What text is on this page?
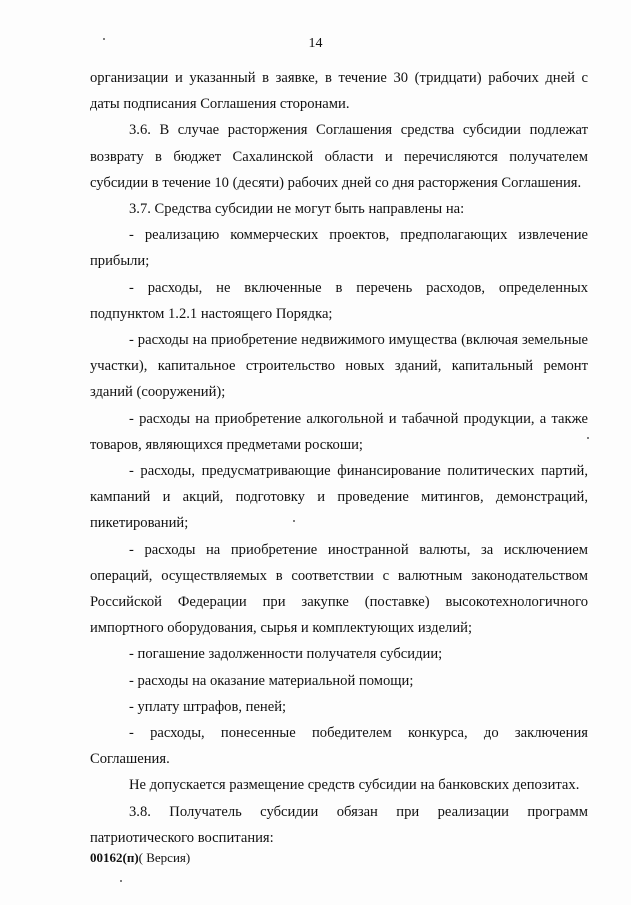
14

организации и указанный в заявке, в течение 30 (тридцати) рабочих дней с даты подписания Соглашения сторонами.

3.6. В случае расторжения Соглашения средства субсидии подлежат возврату в бюджет Сахалинской области и перечисляются получателем субсидии в течение 10 (десяти) рабочих дней со дня расторжения Соглашения.

3.7. Средства субсидии не могут быть направлены на:

- реализацию коммерческих проектов, предполагающих извлечение прибыли;

- расходы, не включенные в перечень расходов, определенных подпунктом 1.2.1 настоящего Порядка;

- расходы на приобретение недвижимого имущества (включая земельные участки), капитальное строительство новых зданий, капитальный ремонт зданий (сооружений);

- расходы на приобретение алкогольной и табачной продукции, а также товаров, являющихся предметами роскоши;

- расходы, предусматривающие финансирование политических партий, кампаний и акций, подготовку и проведение митингов, демонстраций, пикетирований;

- расходы на приобретение иностранной валюты, за исключением операций, осуществляемых в соответствии с валютным законодательством Российской Федерации при закупке (поставке) высокотехнологичного импортного оборудования, сырья и комплектующих изделий;

- погашение задолженности получателя субсидии;

- расходы на оказание материальной помощи;

- уплату штрафов, пеней;

- расходы, понесенные победителем конкурса, до заключения Соглашения.

Не допускается размещение средств субсидии на банковских депозитах.

3.8. Получатель субсидии обязан при реализации программ патриотического воспитания:

00162(п)( Версия)
